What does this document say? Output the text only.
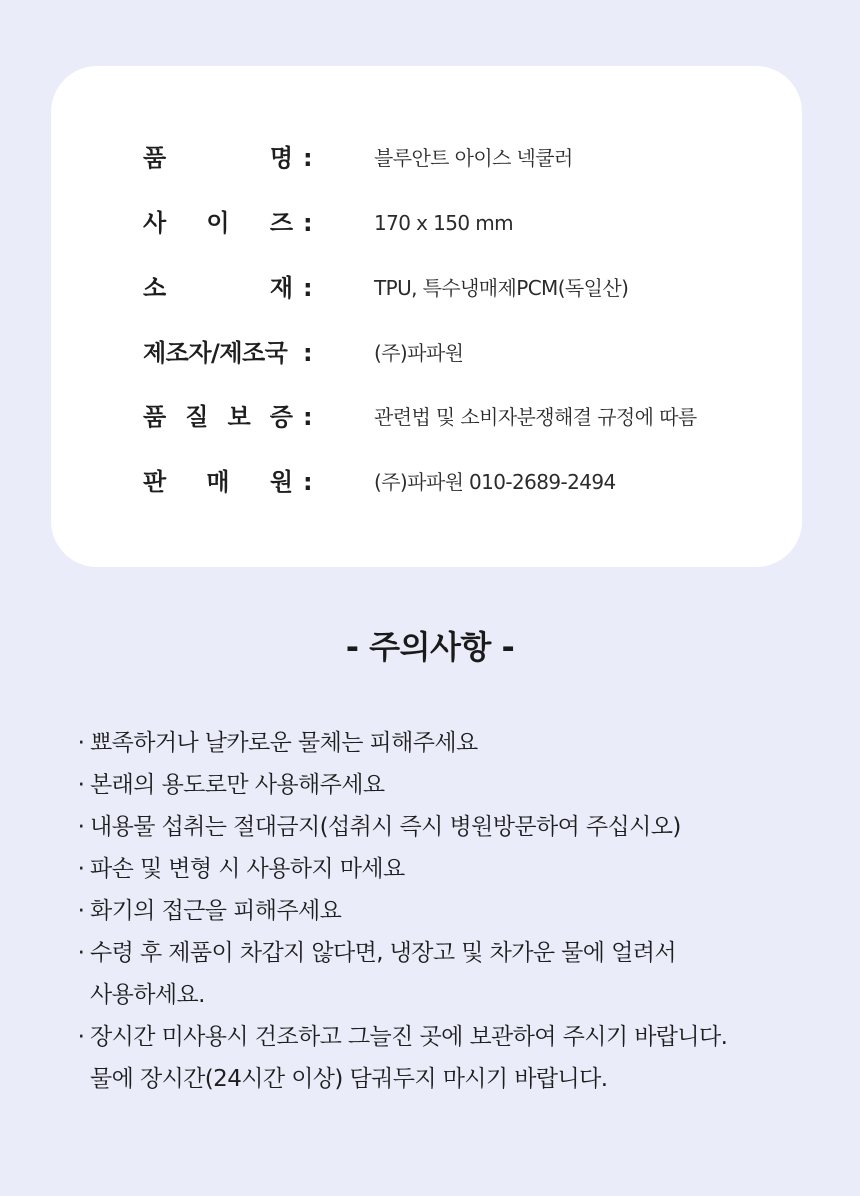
품	명 :	블루안트 아이스 넥쿨러
사 이 즈 :	170 x 150 mm
소	재 :	TPU, 특수냉매제PCM(독일산)
제조자/제조국 :	(주)파파원
품 질 보 증 :	관련법 및 소비자분쟁해결 규정에 따름
판 매 원 :	(주)파파원 010-2689-2494
- 주의사항 -
· 뾰족하거나 날카로운 물체는 피해주세요
· 본래의 용도로만 사용해주세요
· 내용물 섭취는 절대금지(섭취시 즉시 병원방문하여 주십시오)
· 파손 및 변형 시 사용하지 마세요
· 화기의 접근을 피해주세요
· 수령 후 제품이 차갑지 않다면, 냉장고 및 차가운 물에 얼려서
사용하세요.
· 장시간 미사용시 건조하고 그늘진 곳에 보관하여 주시기 바랍니다.
물에 장시간(24시간 이상) 담궈두지 마시기 바랍니다.
